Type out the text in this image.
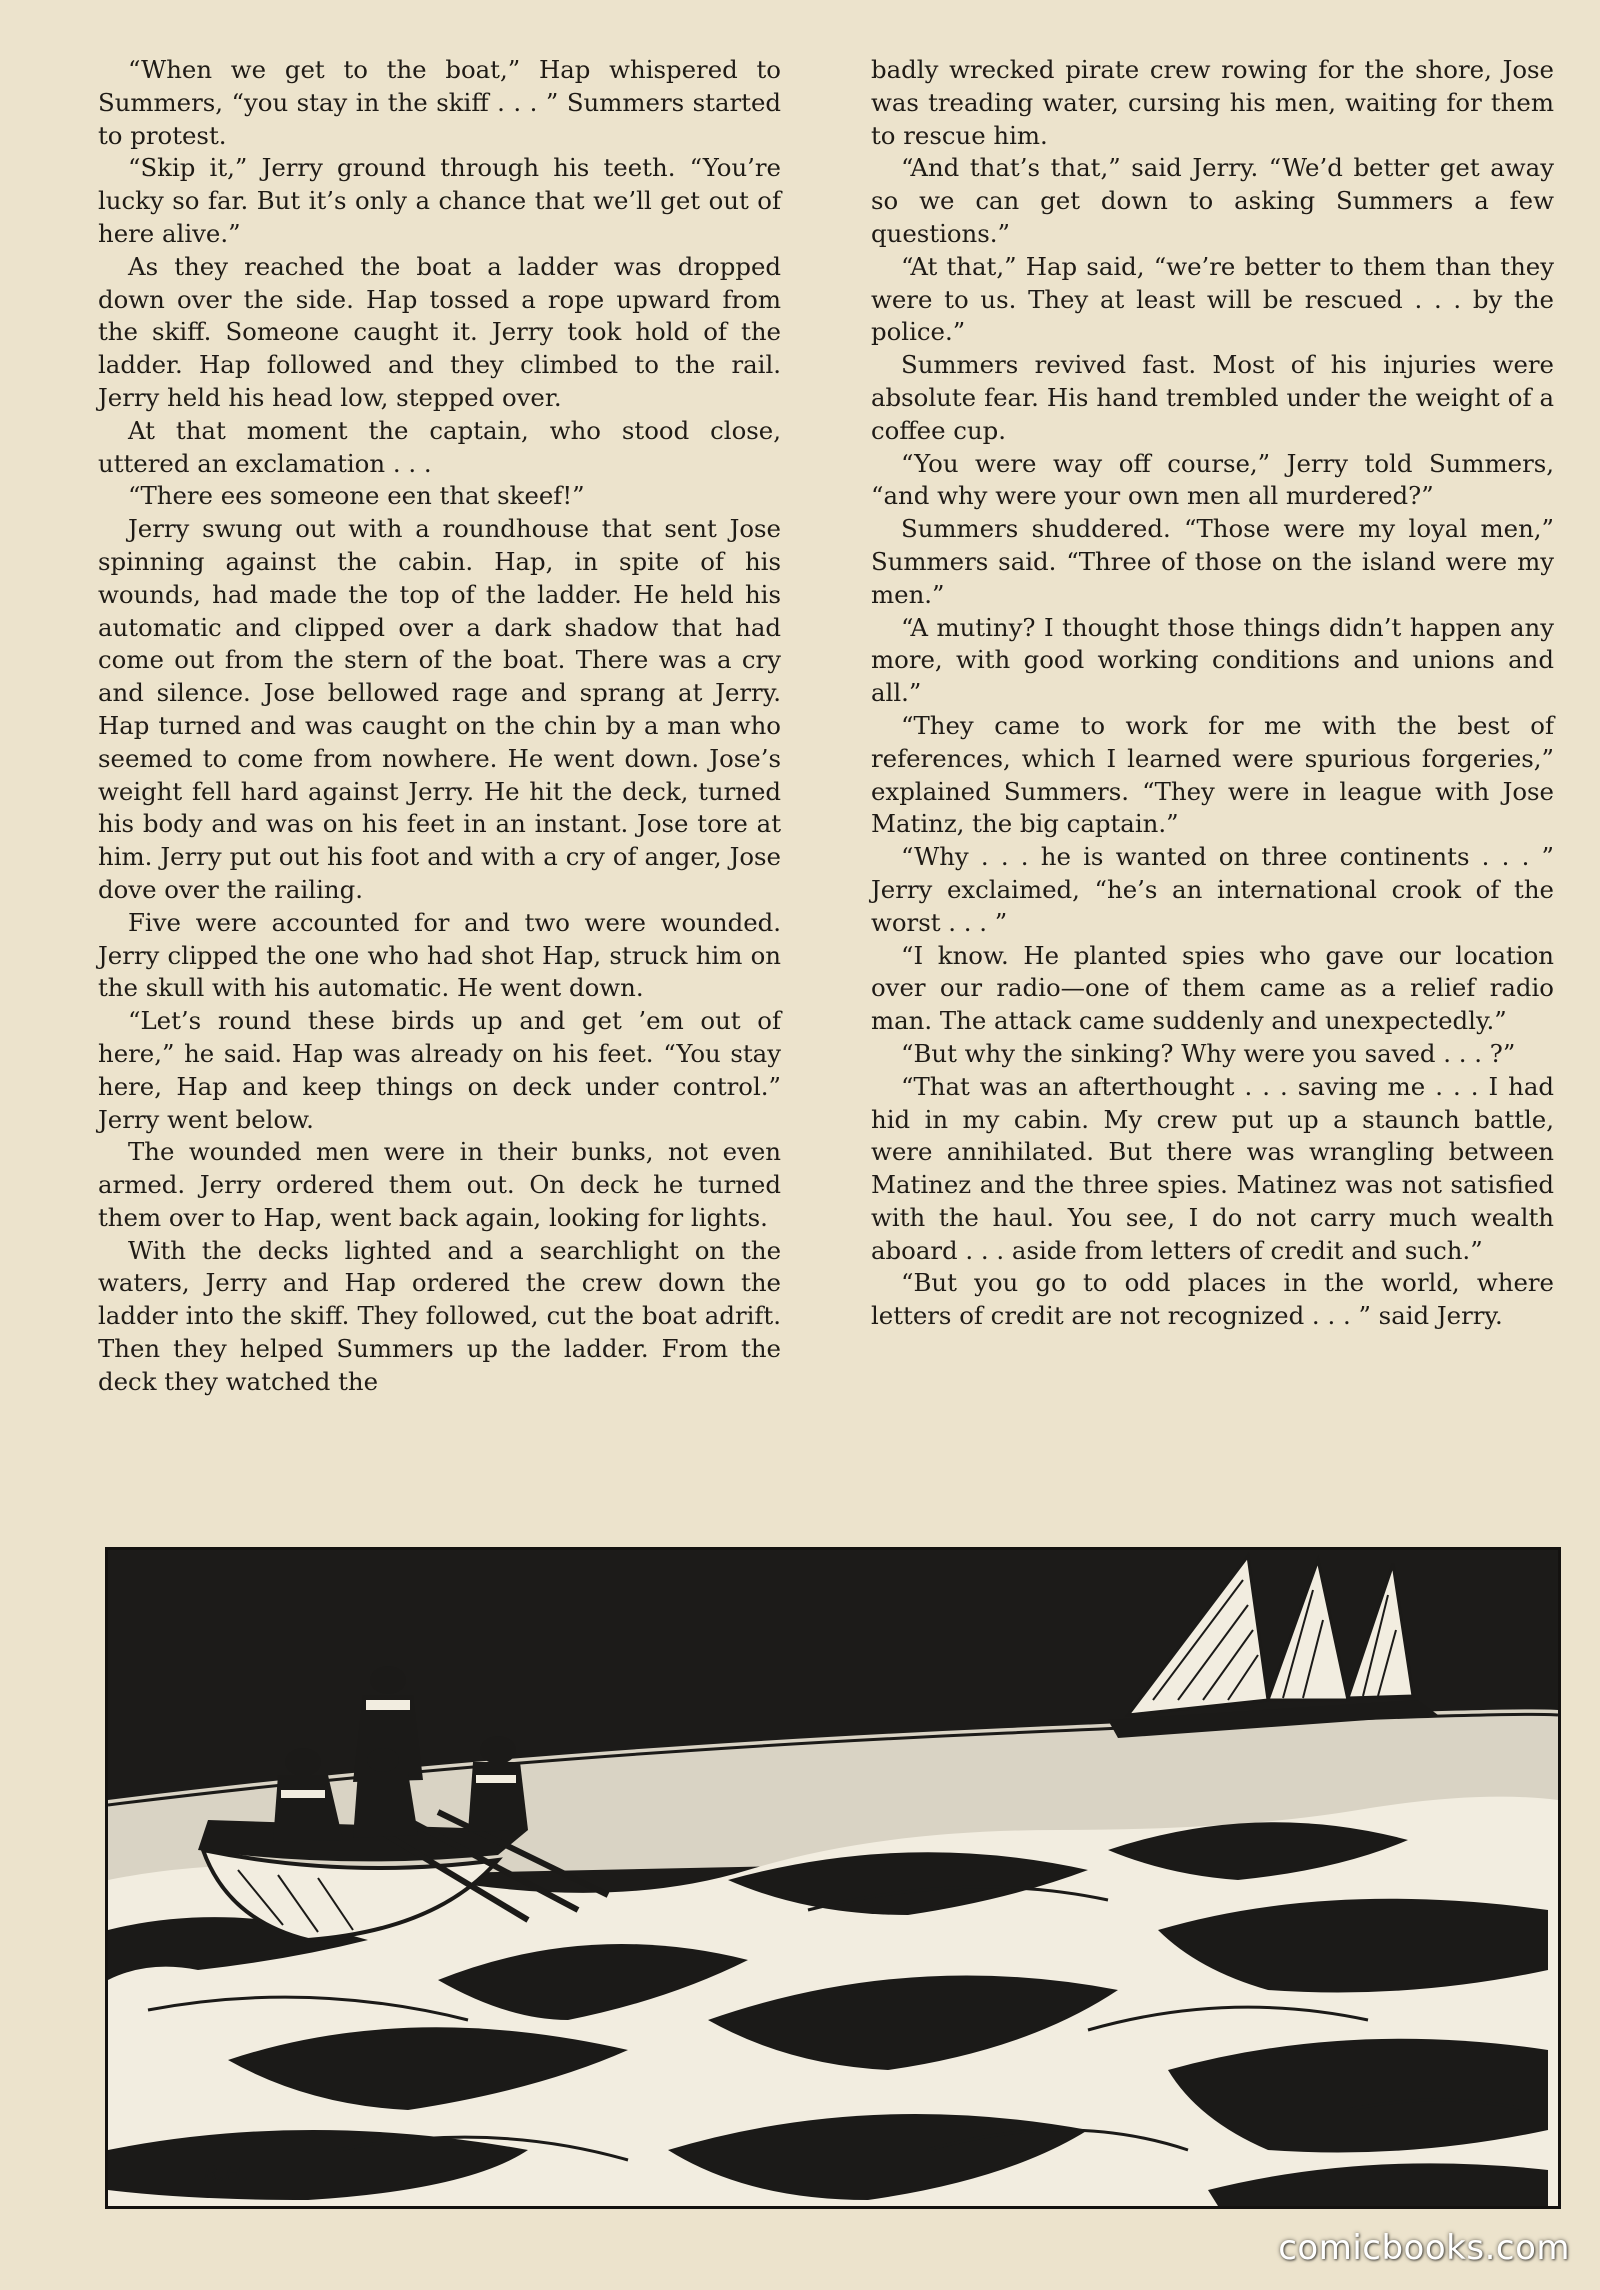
“When we get to the boat,” Hap whispered to Summers, “you stay in the skiff . . . ” Summers started to protest.

“Skip it,” Jerry ground through his teeth. “You’re lucky so far. But it’s only a chance that we’ll get out of here alive.”

As they reached the boat a ladder was dropped down over the side. Hap tossed a rope upward from the skiff. Someone caught it. Jerry took hold of the ladder. Hap followed and they climbed to the rail. Jerry held his head low, stepped over.

At that moment the captain, who stood close, uttered an exclamation . . .

“There ees someone een that skeef!”

Jerry swung out with a roundhouse that sent Jose spinning against the cabin. Hap, in spite of his wounds, had made the top of the ladder. He held his automatic and clipped over a dark shadow that had come out from the stern of the boat. There was a cry and silence. Jose bellowed rage and sprang at Jerry. Hap turned and was caught on the chin by a man who seemed to come from nowhere. He went down. Jose’s weight fell hard against Jerry. He hit the deck, turned his body and was on his feet in an instant. Jose tore at him. Jerry put out his foot and with a cry of anger, Jose dove over the railing.

Five were accounted for and two were wounded. Jerry clipped the one who had shot Hap, struck him on the skull with his automatic. He went down.

“Let’s round these birds up and get ’em out of here,” he said. Hap was already on his feet. “You stay here, Hap and keep things on deck under control.” Jerry went below.

The wounded men were in their bunks, not even armed. Jerry ordered them out. On deck he turned them over to Hap, went back again, looking for lights.

With the decks lighted and a searchlight on the waters, Jerry and Hap ordered the crew down the ladder into the skiff. They followed, cut the boat adrift. Then they helped Summers up the ladder. From the deck they watched the

badly wrecked pirate crew rowing for the shore, Jose was treading water, cursing his men, waiting for them to rescue him.

“And that’s that,” said Jerry. “We’d better get away so we can get down to asking Summers a few questions.”

“At that,” Hap said, “we’re better to them than they were to us. They at least will be rescued . . . by the police.”

Summers revived fast. Most of his injuries were absolute fear. His hand trembled under the weight of a coffee cup.

“You were way off course,” Jerry told Summers, “and why were your own men all murdered?”

Summers shuddered. “Those were my loyal men,” Summers said. “Three of those on the island were my men.”

“A mutiny? I thought those things didn’t happen any more, with good working conditions and unions and all.”

“They came to work for me with the best of references, which I learned were spurious forgeries,” explained Summers. “They were in league with Jose Matinz, the big captain.”

“Why . . . he is wanted on three continents . . . ” Jerry exclaimed, “he’s an international crook of the worst . . . ”

“I know. He planted spies who gave our location over our radio—one of them came as a relief radio man. The attack came suddenly and unexpectedly.”

“But why the sinking? Why were you saved . . . ?”

“That was an afterthought . . . saving me . . . I had hid in my cabin. My crew put up a staunch battle, were annihilated. But there was wrangling between Matinez and the three spies. Matinez was not satisfied with the haul. You see, I do not carry much wealth aboard . . . aside from letters of credit and such.”

“But you go to odd places in the world, where letters of credit are not recognized . . . ” said Jerry.

R.H.
comicbooks.com
